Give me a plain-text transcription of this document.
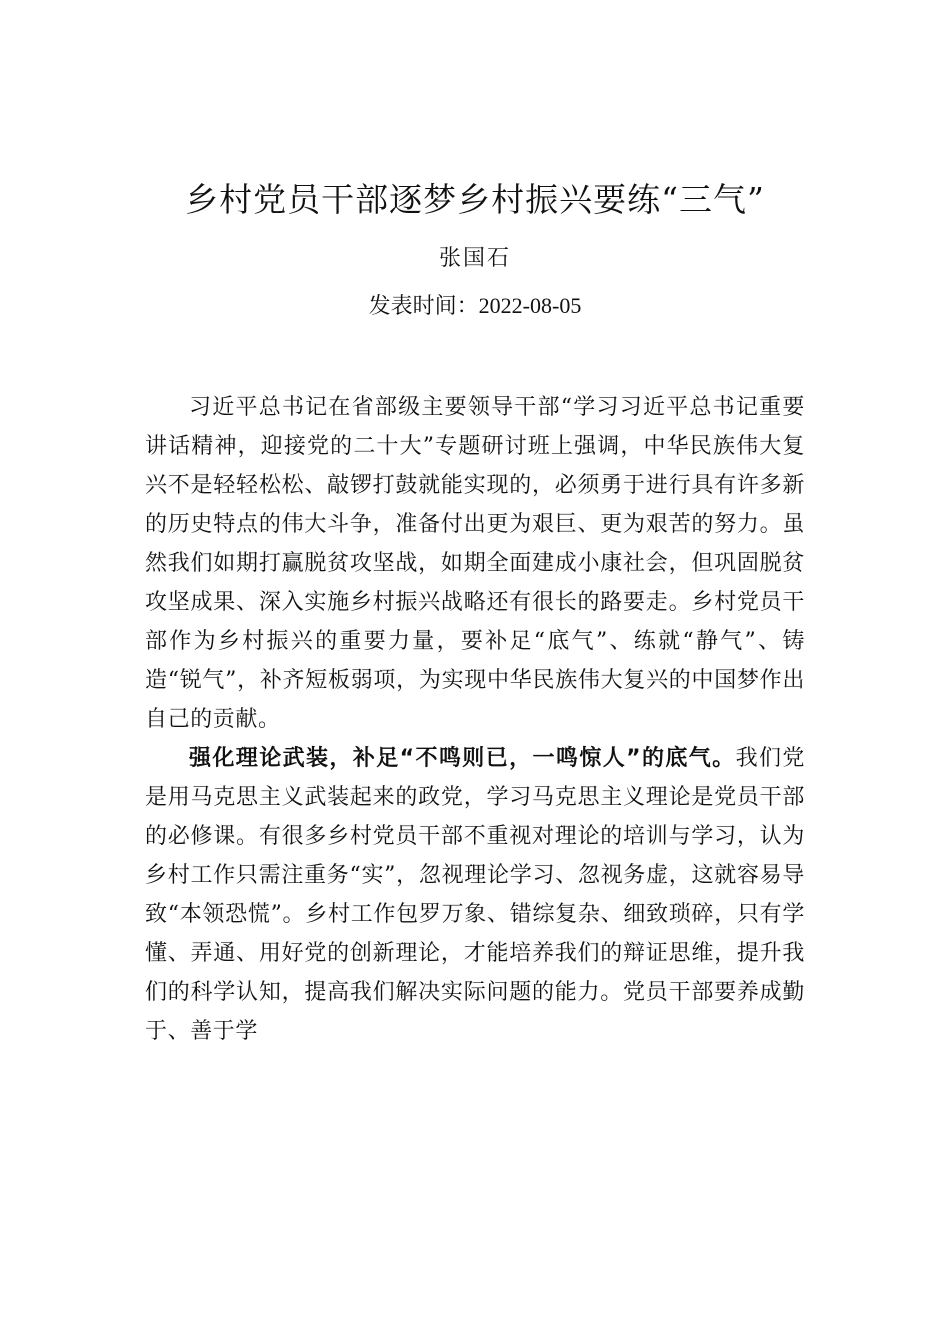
乡村党员干部逐梦乡村振兴要练“三气”
张国石
发表时间：2022-08-05

习近平总书记在省部级主要领导干部“学习习近平总书记重要讲话精神，迎接党的二十大”专题研讨班上强调，中华民族伟大复兴不是轻轻松松、敲锣打鼓就能实现的，必须勇于进行具有许多新的历史特点的伟大斗争，准备付出更为艰巨、更为艰苦的努力。虽然我们如期打赢脱贫攻坚战，如期全面建成小康社会，但巩固脱贫攻坚成果、深入实施乡村振兴战略还有很长的路要走。乡村党员干部作为乡村振兴的重要力量，要补足“底气”、练就“静气”、铸造“锐气”，补齐短板弱项，为实现中华民族伟大复兴的中国梦作出自己的贡献。

强化理论武装，补足“不鸣则已，一鸣惊人”的底气。我们党是用马克思主义武装起来的政党，学习马克思主义理论是党员干部的必修课。有很多乡村党员干部不重视对理论的培训与学习，认为乡村工作只需注重务“实”，忽视理论学习、忽视务虚，这就容易导致“本领恐慌”。乡村工作包罗万象、错综复杂、细致琐碎，只有学懂、弄通、用好党的创新理论，才能培养我们的辩证思维，提升我们的科学认知，提高我们解决实际问题的能力。党员干部要养成勤于、善于学
